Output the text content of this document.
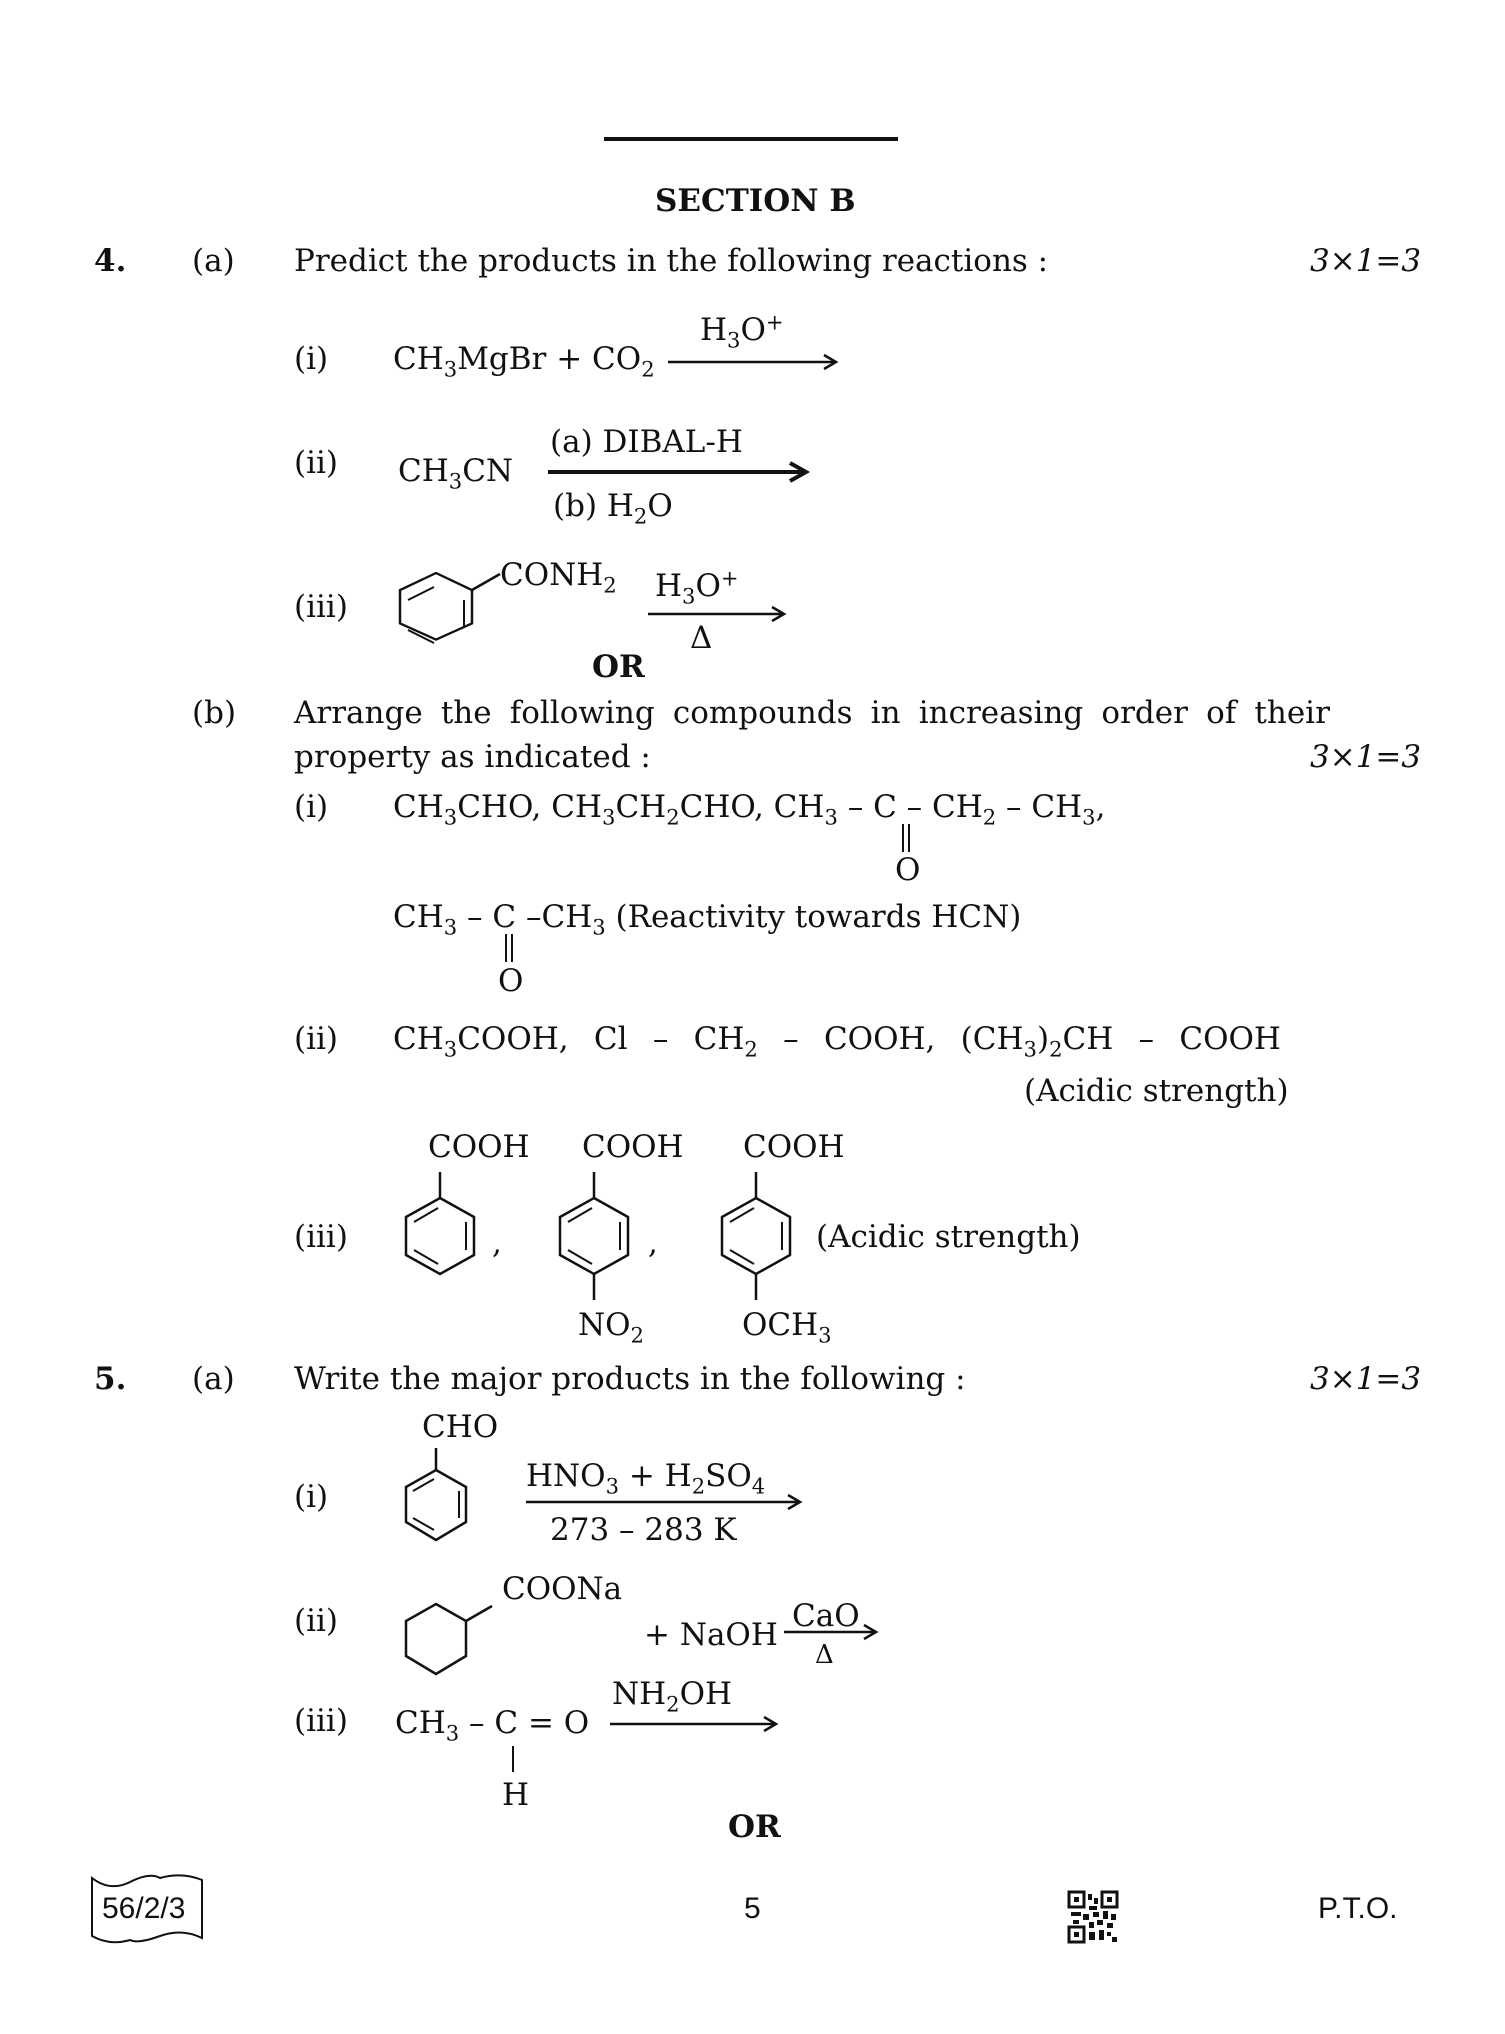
SECTION B
4. (a) Predict the products in the following reactions :	3×1=3
(i) $CH_3MgBr + CO_2$
$H_3O^+$
(ii) $CH_3CN$
(a) DIBAL-H
(b) $H_2O$
(iii)
$CONH_2$ $H_3O^+$
Δ
OR
(b) Arrange the following compounds in increasing order of their
property as indicated :	3×1=3
(i) $CH_3CHO$, $CH_3CH_2CHO$, $CH_3$ – C – $CH_2 - CH_3$,
O
$CH_3$ – C $-CH_3$ (Reactivity towards HCN)
O
(ii) $CH_3COOH$, Cl – $CH_2$ – COOH, $(CH_3)_2CH$ – COOH
(Acidic strength)
(iii)
COOH COOH COOH
,	,
$NO_2$	$OCH_3$
(Acidic strength)
5. (a) Write the major products in the following :	3×1=3
(i)
CHO
$HNO_3 + H_2SO_4$
273 – 283 K
(ii)
COONa
+ NaOH
CaO
Δ
(iii) $CH_3 - C = O$
H
$NH_2OH$
OR
56/2/3	5	P.T.O.
